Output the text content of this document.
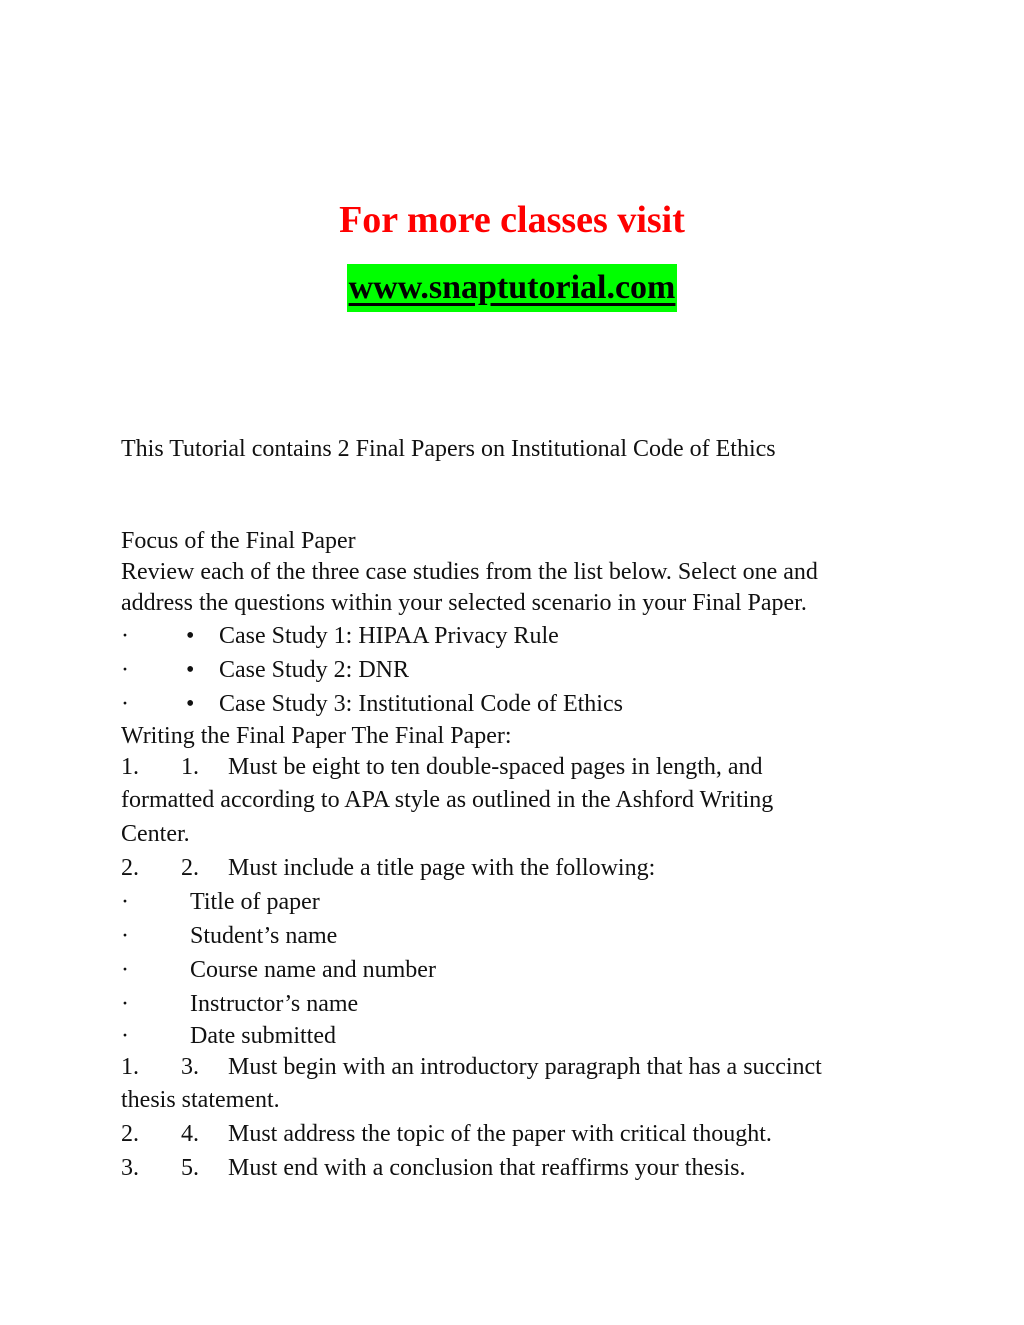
For more classes visit
www.snaptutorial.com
This Tutorial contains 2 Final Papers on Institutional Code of Ethics
Focus of the Final Paper
Review each of the three case studies from the list below. Select one and
address the questions within your selected scenario in your Final Paper.
· • Case Study 1: HIPAA Privacy Rule
· • Case Study 2: DNR
· • Case Study 3: Institutional Code of Ethics
Writing the Final Paper The Final Paper:
1. 1. Must be eight to ten double-spaced pages in length, and
formatted according to APA style as outlined in the Ashford Writing
Center.
2. 2. Must include a title page with the following:
·	Title of paper
·	Student’s name
·	Course name and number
·	Instructor’s name
·	Date submitted
1. 3. Must begin with an introductory paragraph that has a succinct
thesis statement.
2. 4. Must address the topic of the paper with critical thought.
3. 5. Must end with a conclusion that reaffirms your thesis.
